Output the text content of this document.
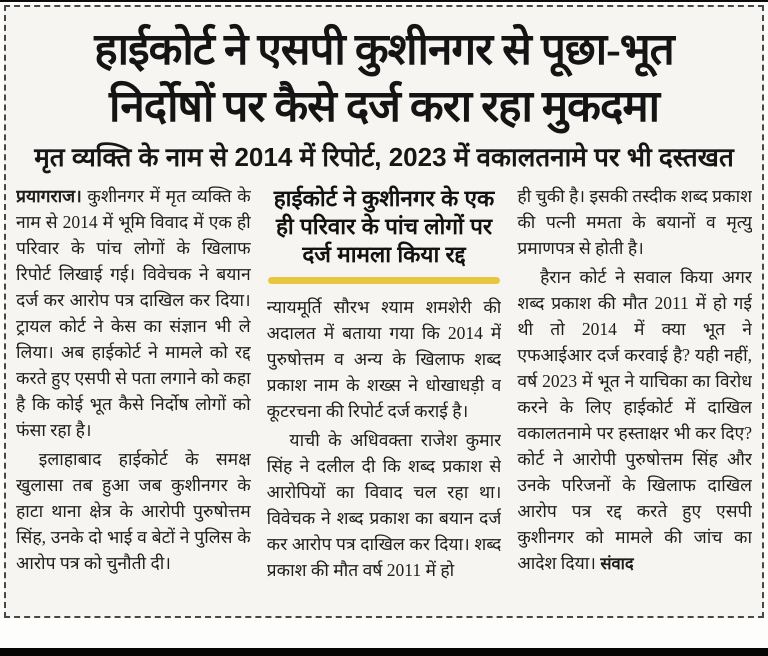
हाईकोर्ट ने एसपी कुशीनगर से पूछा-भूत
निर्दोषों पर कैसे दर्ज करा रहा मुकदमा
मृत व्यक्ति के नाम से 2014 में रिपोर्ट, 2023 में वकालतनामे पर भी दस्तखत

प्रयागराज। कुशीनगर में मृत व्यक्ति के नाम से 2014 में भूमि विवाद में एक ही परिवार के पांच लोगों के खिलाफ रिपोर्ट लिखाई गई। विवेचक ने बयान दर्ज कर आरोप पत्र दाखिल कर दिया। ट्रायल कोर्ट ने केस का संज्ञान भी ले लिया। अब हाईकोर्ट ने मामले को रद्द करते हुए एसपी से पता लगाने को कहा है कि कोई भूत कैसे निर्दोष लोगों को फंसा रहा है।

इलाहाबाद हाईकोर्ट के समक्ष खुलासा तब हुआ जब कुशीनगर के हाटा थाना क्षेत्र के आरोपी पुरुषोत्तम सिंह, उनके दो भाई व बेटों ने पुलिस के आरोप पत्र को चुनौती दी।

हाईकोर्ट ने कुशीनगर के एक ही परिवार के पांच लोगों पर दर्ज मामला किया रद्द

न्यायमूर्ति सौरभ श्याम शमशेरी की अदालत में बताया गया कि 2014 में पुरुषोत्तम व अन्य के खिलाफ शब्द प्रकाश नाम के शख्स ने धोखाधड़ी व कूटरचना की रिपोर्ट दर्ज कराई है।

याची के अधिवक्ता राजेश कुमार सिंह ने दलील दी कि शब्द प्रकाश से आरोपियों का विवाद चल रहा था। विवेचक ने शब्द प्रकाश का बयान दर्ज कर आरोप पत्र दाखिल कर दिया। शब्द प्रकाश की मौत वर्ष 2011 में हो

ही चुकी है। इसकी तस्दीक शब्द प्रकाश की पत्नी ममता के बयानों व मृत्यु प्रमाणपत्र से होती है।

हैरान कोर्ट ने सवाल किया अगर शब्द प्रकाश की मौत 2011 में हो गई थी तो 2014 में क्या भूत ने एफआईआर दर्ज करवाई है? यही नहीं, वर्ष 2023 में भूत ने याचिका का विरोध करने के लिए हाईकोर्ट में दाखिल वकालतनामे पर हस्ताक्षर भी कर दिए? कोर्ट ने आरोपी पुरुषोत्तम सिंह और उनके परिजनों के खिलाफ दाखिल आरोप पत्र रद्द करते हुए एसपी कुशीनगर को मामले की जांच का आदेश दिया। संवाद
